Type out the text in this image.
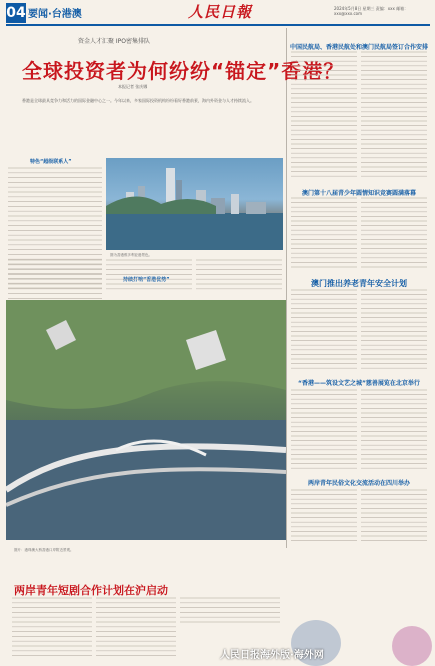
04 要闻·台港澳	人民日報	2024年5月8日 星期三 责编：xxx 邮箱：xxx@xxx.com
资金人才汇聚 IPO密集排队
全球投资者为何纷纷“锚定”香港？
本报记者 张庆娜
香港是全球最具竞争力和活力的国际金融中心之一。今年以来，多家国际投资机构纷纷看好香港前景，海内外资金与人才持续流入。
特色“超级联系人”
持续打响“香港优势”
图为香港维多利亚港景色。
图片：港珠澳大桥香港口岸附近景观。
中国民航局、香港民航处和澳门民航局签订合作安排
澳门第十八届青少年圆情知识竞赛圆满落幕
澳门推出养老青年安全计划
“香港——筑设文艺之城”慈善展览在北京举行
两岸青年民俗文化交流活动在四川举办
两岸青年短剧合作计划在沪启动
人民日报海外版·海外网
